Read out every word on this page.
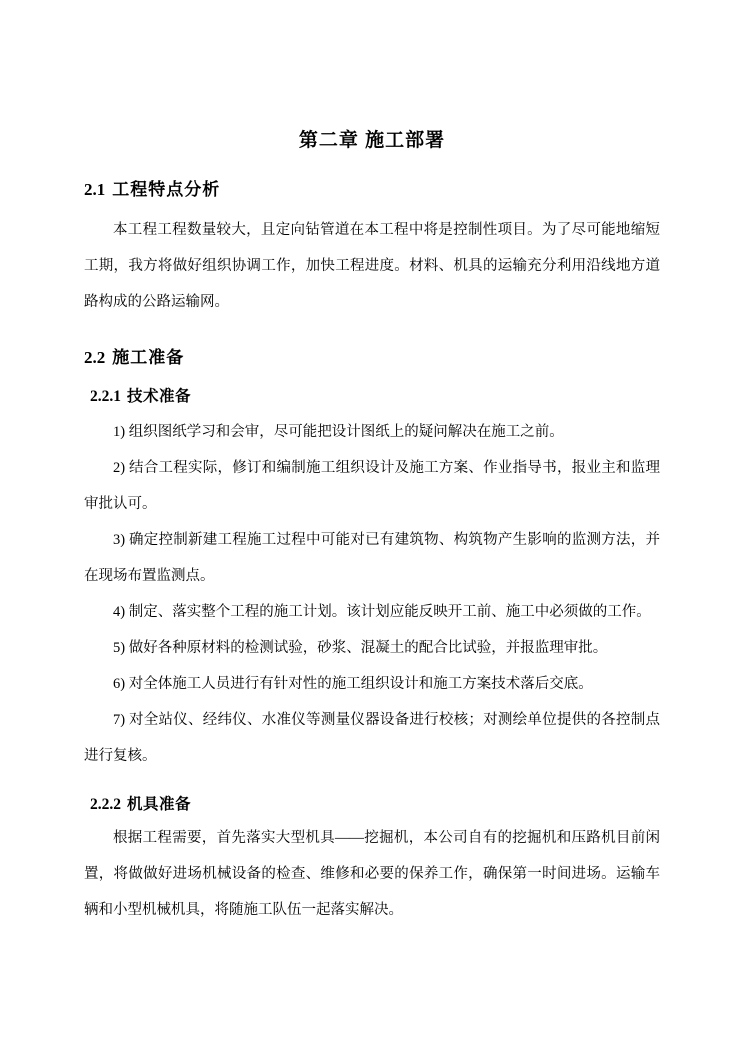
第二章 施工部署
2.1 工程特点分析

本工程工程数量较大，且定向钻管道在本工程中将是控制性项目。为了尽可能地缩短工期，我方将做好组织协调工作，加快工程进度。材料、机具的运输充分利用沿线地方道路构成的公路运输网。

2.2 施工准备
2.2.1 技术准备

1) 组织图纸学习和会审，尽可能把设计图纸上的疑问解决在施工之前。

2) 结合工程实际，修订和编制施工组织设计及施工方案、作业指导书，报业主和监理审批认可。

3) 确定控制新建工程施工过程中可能对已有建筑物、构筑物产生影响的监测方法，并在现场布置监测点。

4) 制定、落实整个工程的施工计划。该计划应能反映开工前、施工中必须做的工作。

5) 做好各种原材料的检测试验，砂浆、混凝土的配合比试验，并报监理审批。

6) 对全体施工人员进行有针对性的施工组织设计和施工方案技术落后交底。

7) 对全站仪、经纬仪、水准仪等测量仪器设备进行校核；对测绘单位提供的各控制点进行复核。

2.2.2 机具准备

根据工程需要，首先落实大型机具——挖掘机，本公司自有的挖掘机和压路机目前闲置，将做做好进场机械设备的检查、维修和必要的保养工作，确保第一时间进场。运输车辆和小型机械机具，将随施工队伍一起落实解决。
